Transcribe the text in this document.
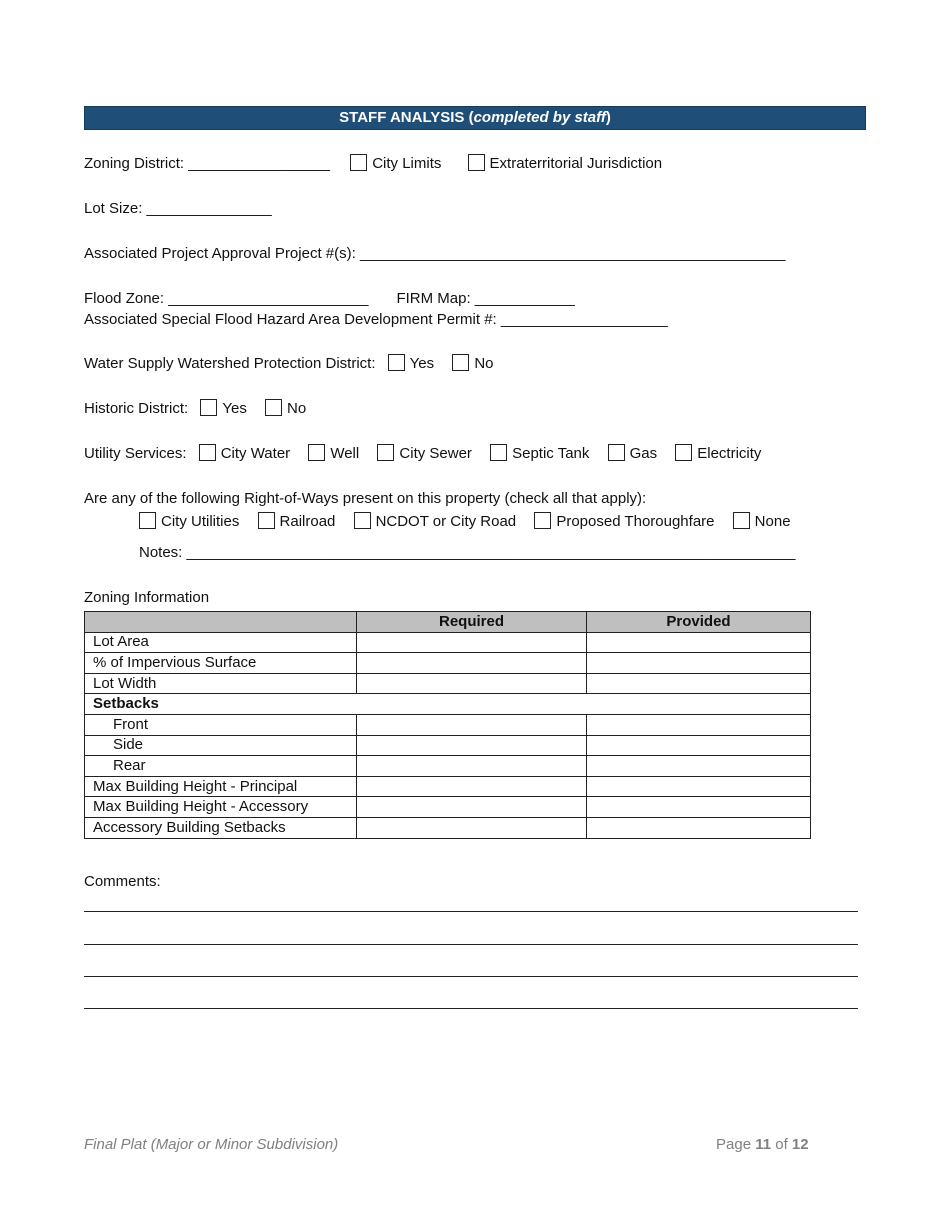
STAFF ANALYSIS (completed by staff)
Zoning District: _________________	City Limits	Extraterritorial Jurisdiction
Lot Size: _______________
Associated Project Approval Project #(s): ___________________________________________________
Flood Zone: ________________________ FIRM Map: ____________
Associated Special Flood Hazard Area Development Permit #: ____________________
Water Supply Watershed Protection District: Yes	No
Historic District: Yes	No
Utility Services: City Water	Well	City Sewer	Septic Tank	Gas	Electricity
Are any of the following Right-of-Ways present on this property (check all that apply):
City Utilities	Railroad	NCDOT or City Road	Proposed Thoroughfare	None
Notes: _________________________________________________________________________
Zoning Information
	Required	Provided
Lot Area		
% of Impervious Surface		
Lot Width		
Setbacks		
Front		
Side		
Rear		
Max Building Height - Principal		
Max Building Height - Accessory		
Accessory Building Setbacks		
Comments:
Final Plat (Major or Minor Subdivision)	Page 11 of 12
